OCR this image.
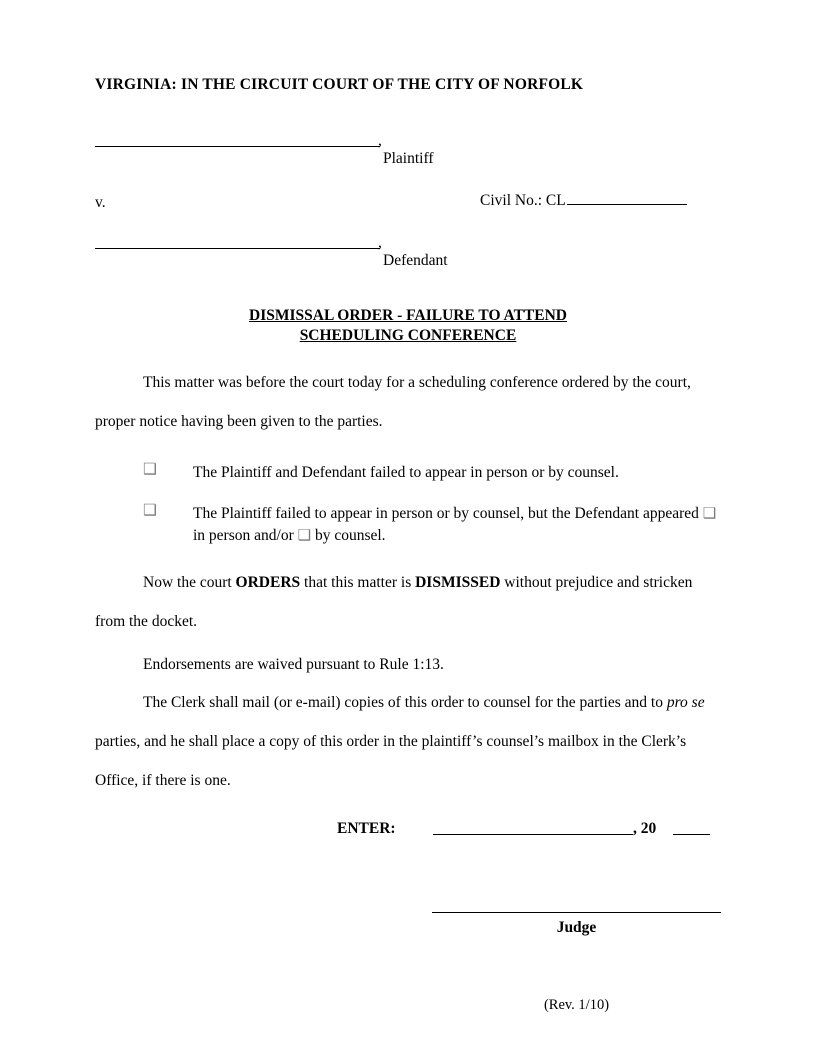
VIRGINIA: IN THE CIRCUIT COURT OF THE CITY OF NORFOLK
,
Plaintiff
v.	Civil No.: CL
,
Defendant
DISMISSAL ORDER - FAILURE TO ATTEND
SCHEDULING CONFERENCE
This matter was before the court today for a scheduling conference ordered by the court, proper notice having been given to the parties.
❑ The Plaintiff and Defendant failed to appear in person or by counsel.
❑ The Plaintiff failed to appear in person or by counsel, but the Defendant appeared ❑ in person and/or ❑ by counsel.
Now the court ORDERS that this matter is DISMISSED without prejudice and stricken from the docket.
Endorsements are waived pursuant to Rule 1:13.
The Clerk shall mail (or e-mail) copies of this order to counsel for the parties and to pro se parties, and he shall place a copy of this order in the plaintiff’s counsel’s mailbox in the Clerk’s Office, if there is one.
ENTER:	, 20
Judge
(Rev. 1/10)
